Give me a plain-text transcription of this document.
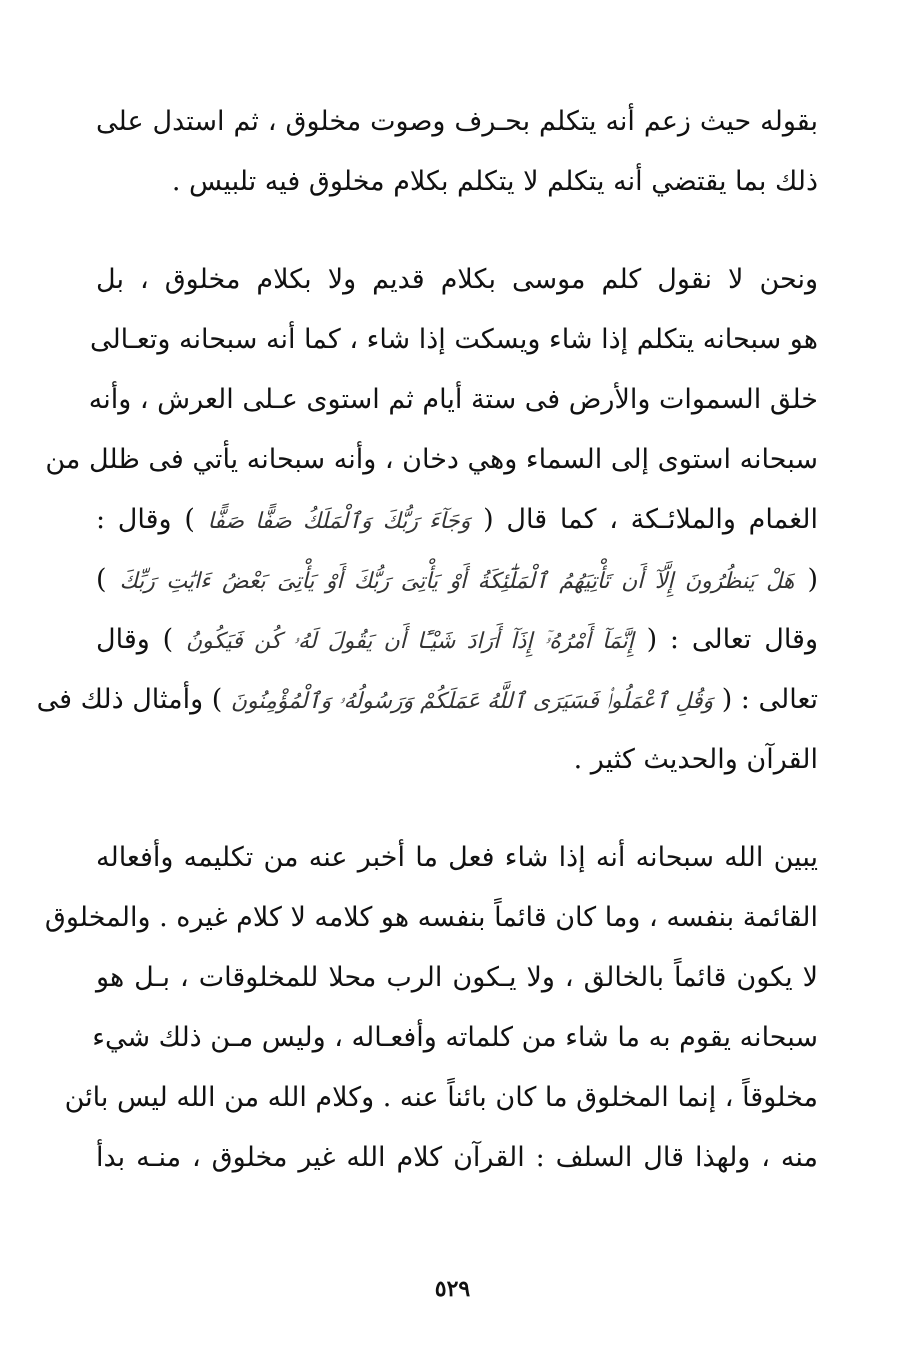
بقوله حيث زعم أنه يتكلم بحـرف وصوت مخلوق ، ثم استدل على
ذلك بما يقتضي أنه يتكلم لا يتكلم بكلام مخلوق فيه تلبيس .
ونحن لا نقول كلم موسى بكلام قديم ولا بكلام مخلوق ، بل
هو سبحانه يتكلم إذا شاء ويسكت إذا شاء ، كما أنه سبحانه وتعـالى
خلق السموات والأرض فى ستة أيام ثم استوى عـلى العرش ، وأنه
سبحانه استوى إلى السماء وهي دخان ، وأنه سبحانه يأتي فى ظلل من
الغمام والملائـكة ، كما قال ( وَجَآءَ رَبُّكَ وَٱلْمَلَكُ صَفًّا صَفًّا ) وقال :
( هَلْ يَنظُرُونَ إِلَّآ أَن تَأْتِيَهُمُ ٱلْمَلَٰٓئِكَةُ أَوْ يَأْتِىَ رَبُّكَ أَوْ يَأْتِىَ بَعْضُ ءَايَٰتِ رَبِّكَ )
وقال تعالى : ( إِنَّمَآ أَمْرُهُۥٓ إِذَآ أَرَادَ شَيْـًٔا أَن يَقُولَ لَهُۥ كُن فَيَكُونُ ) وقال
تعالى : ( وَقُلِ ٱعْمَلُوا۟ فَسَيَرَى ٱللَّهُ عَمَلَكُمْ وَرَسُولُهُۥ وَٱلْمُؤْمِنُونَ ) وأمثال ذلك فى
القرآن والحديث كثير .
يبين الله سبحانه أنه إذا شاء فعل ما أخبر عنه من تكليمه وأفعاله
القائمة بنفسه ، وما كان قائماً بنفسه هو كلامه لا كلام غيره . والمخلوق
لا يكون قائماً بالخالق ، ولا يـكون الرب محلا للمخلوقات ، بـل هو
سبحانه يقوم به ما شاء من كلماته وأفعـاله ، وليس مـن ذلك شيء
مخلوقاً ، إنما المخلوق ما كان بائناً عنه . وكلام الله من الله ليس بائن
منه ، ولهذا قال السلف : القرآن كلام الله غير مخلوق ، منـه بدأ
٥٢٩
